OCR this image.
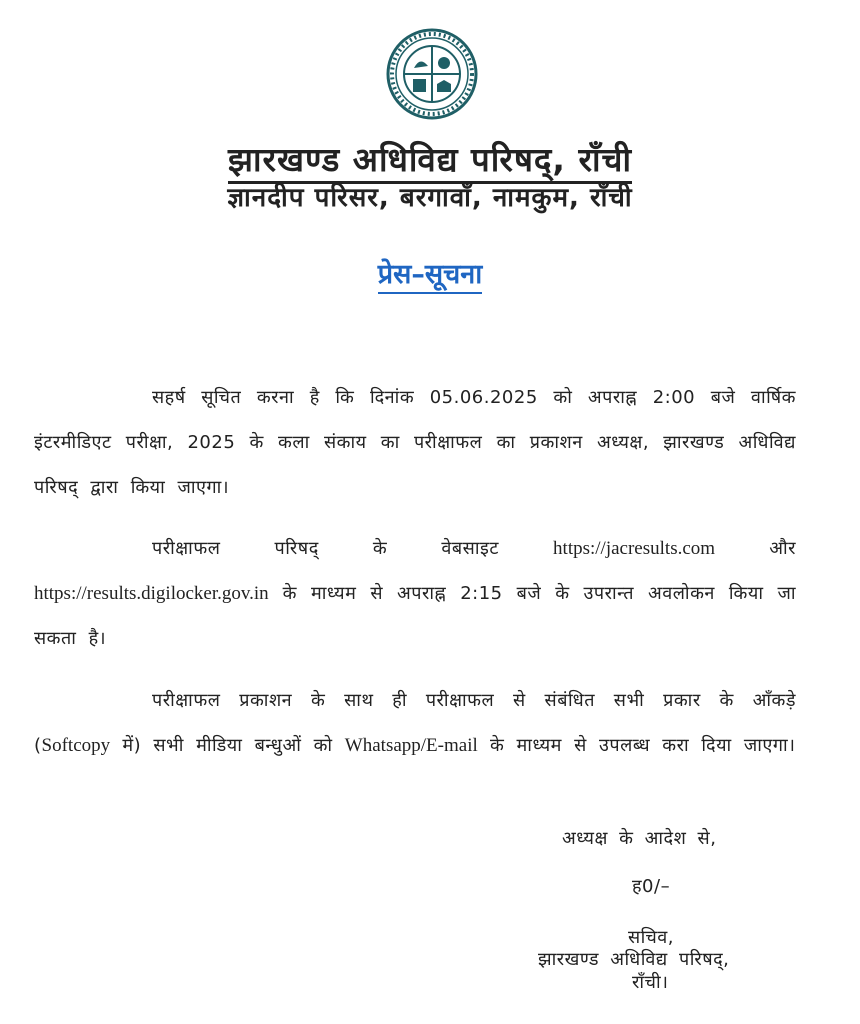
झारखण्ड अधिविद्य परिषद्, राँची
ज्ञानदीप परिसर, बरगावाँ, नामकुम, राँची
प्रेस–सूचना

सहर्ष सूचित करना है कि दिनांक 05.06.2025 को अपराह्न 2:00 बजे वार्षिक इंटरमीडिएट परीक्षा, 2025 के कला संकाय का परीक्षाफल का प्रकाशन अध्यक्ष, झारखण्ड अधिविद्य परिषद् द्वारा किया जाएगा।

परीक्षाफल परिषद् के वेबसाइट	https://jacresults.com	और https://results.digilocker.gov.in के माध्यम से अपराह्न 2:15 बजे के उपरान्त अवलोकन किया जा सकता है।

परीक्षाफल प्रकाशन के साथ ही परीक्षाफल से संबंधित सभी प्रकार के आँकड़े (Softcopy में) सभी मीडिया बन्धुओं को Whatsapp/E-mail के माध्यम से उपलब्ध करा दिया जाएगा।

अध्यक्ष के आदेश से,
ह0/–
सचिव,
झारखण्ड अधिविद्य परिषद्,
राँची।
